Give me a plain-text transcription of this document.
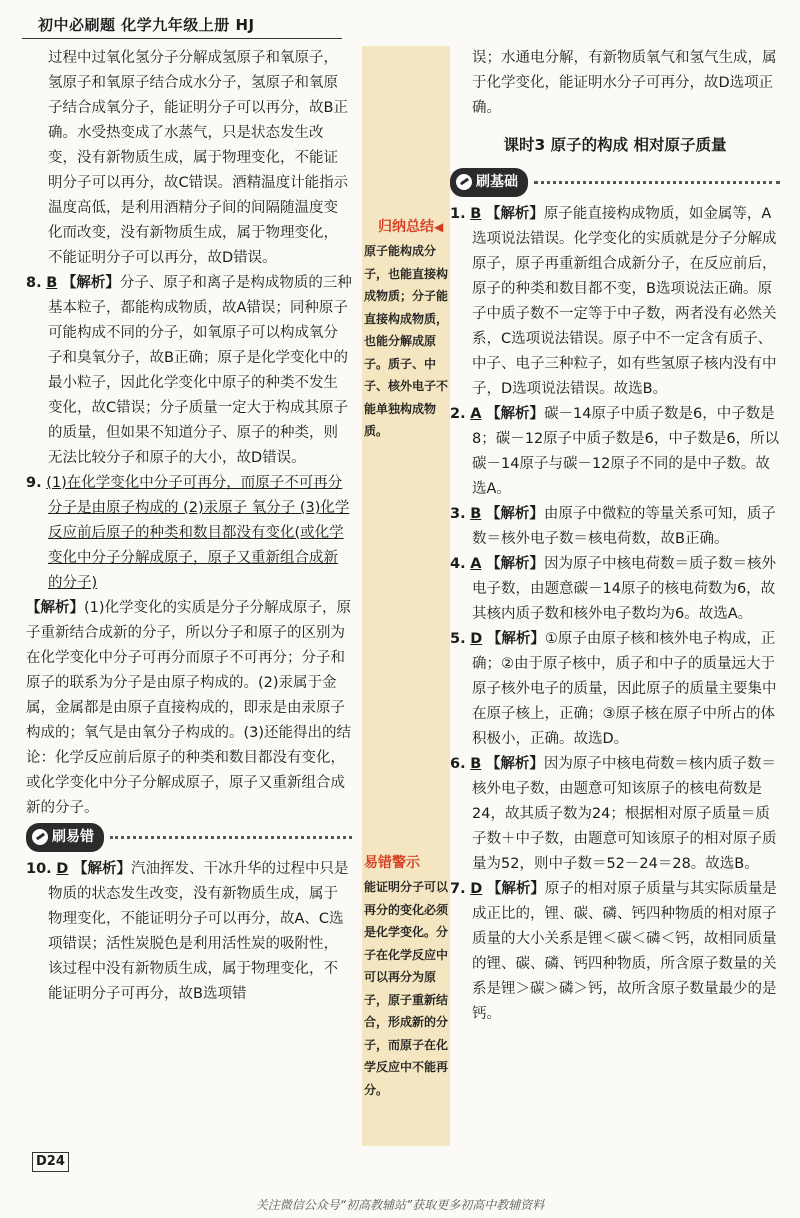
初中必刷题 化学九年级上册 HJ

过程中过氧化氢分子分解成氢原子和氧原子，氢原子和氧原子结合成水分子，氢原子和氧原子结合成氧分子，能证明分子可以再分，故B正确。水受热变成了水蒸气，只是状态发生改变，没有新物质生成，属于物理变化，不能证明分子可以再分，故C错误。酒精温度计能指示温度高低，是利用酒精分子间的间隔随温度变化而改变，没有新物质生成，属于物理变化，不能证明分子可以再分，故D错误。

8. B 【解析】分子、原子和离子是构成物质的三种基本粒子，都能构成物质，故A错误；同种原子可能构成不同的分子，如氧原子可以构成氧分子和臭氧分子，故B正确；原子是化学变化中的最小粒子，因此化学变化中原子的种类不发生变化，故C错误；分子质量一定大于构成其原子的质量，但如果不知道分子、原子的种类，则无法比较分子和原子的大小，故D错误。

9. (1)在化学变化中分子可再分，而原子不可再分 分子是由原子构成的 (2)汞原子 氧分子 (3)化学反应前后原子的种类和数目都没有变化(或化学变化中分子分解成原子，原子又重新组合成新的分子)

【解析】(1)化学变化的实质是分子分解成原子，原子重新结合成新的分子，所以分子和原子的区别为在化学变化中分子可再分而原子不可再分；分子和原子的联系为分子是由原子构成的。(2)汞属于金属，金属都是由原子直接构成的，即汞是由汞原子构成的；氧气是由氧分子构成的。(3)还能得出的结论：化学反应前后原子的种类和数目都没有变化，或化学变化中分子分解成原子，原子又重新组合成新的分子。

刷易错

10. D 【解析】汽油挥发、干冰升华的过程中只是物质的状态发生改变，没有新物质生成，属于物理变化，不能证明分子可以再分，故A、C选项错误；活性炭脱色是利用活性炭的吸附性，该过程中没有新物质生成，属于物理变化，不能证明分子可再分，故B选项错

归纳总结◀
原子能构成分子，也能直接构成物质；分子能直接构成物质，也能分解成原子。质子、中子、核外电子不能单独构成物质。
易错警示
能证明分子可以再分的变化必须是化学变化。分子在化学反应中可以再分为原子，原子重新结合，形成新的分子，而原子在化学反应中不能再分。

误；水通电分解，有新物质氧气和氢气生成，属于化学变化，能证明水分子可再分，故D选项正确。

课时3 原子的构成 相对原子质量
刷基础

1. B 【解析】原子能直接构成物质，如金属等，A选项说法错误。化学变化的实质就是分子分解成原子，原子再重新组合成新分子，在反应前后，原子的种类和数目都不变，B选项说法正确。原子中质子数不一定等于中子数，两者没有必然关系，C选项说法错误。原子中不一定含有质子、中子、电子三种粒子，如有些氢原子核内没有中子，D选项说法错误。故选B。

2. A 【解析】碳－14原子中质子数是6，中子数是8；碳－12原子中质子数是6，中子数是6，所以碳－14原子与碳－12原子不同的是中子数。故选A。

3. B 【解析】由原子中微粒的等量关系可知，质子数＝核外电子数＝核电荷数，故B正确。

4. A 【解析】因为原子中核电荷数＝质子数＝核外电子数，由题意碳－14原子的核电荷数为6，故其核内质子数和核外电子数均为6。故选A。

5. D 【解析】①原子由原子核和核外电子构成，正确；②由于原子核中，质子和中子的质量远大于原子核外电子的质量，因此原子的质量主要集中在原子核上，正确；③原子核在原子中所占的体积极小，正确。故选D。

6. B 【解析】因为原子中核电荷数＝核内质子数＝核外电子数，由题意可知该原子的核电荷数是24，故其质子数为24；根据相对原子质量＝质子数＋中子数，由题意可知该原子的相对原子质量为52，则中子数＝52－24＝28。故选B。

7. D 【解析】原子的相对原子质量与其实际质量是成正比的，锂、碳、磷、钙四种物质的相对原子质量的大小关系是锂＜碳＜磷＜钙，故相同质量的锂、碳、磷、钙四种物质，所含原子数量的关系是锂＞碳＞磷＞钙，故所含原子数量最少的是钙。

D24
关注微信公众号“初高教辅站”获取更多初高中教辅资料
